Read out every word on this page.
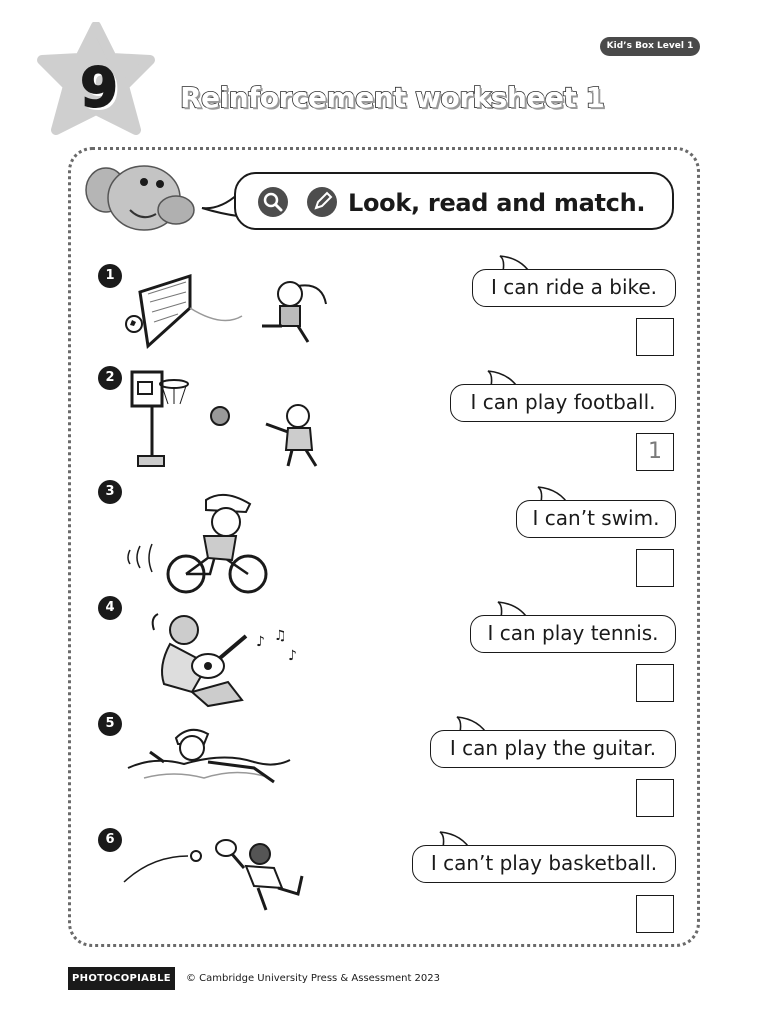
9
Kid’s Box Level 1
Reinforcement worksheet 1
Look, read and match.
1
2
3
4
5
6
♪ ♫
♪
I can ride a bike.
I can play football.
I can’t swim.
I can play tennis.
I can play the guitar.
I can’t play basketball.
1
PHOTOCOPIABLE	© Cambridge University Press & Assessment 2023
